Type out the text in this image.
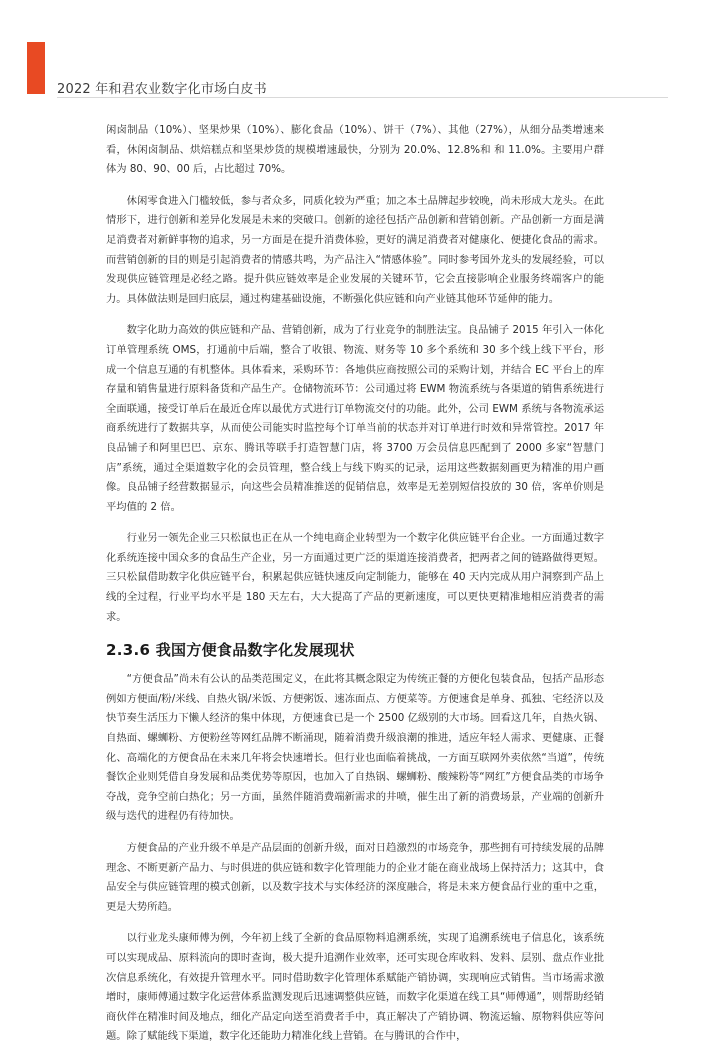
2022 年和君农业数字化市场白皮书

闲卤制品（10%）、坚果炒果（10%）、膨化食品（10%）、饼干（7%）、其他（27%），从细分品类增速来看，休闲卤制品、烘焙糕点和坚果炒货的规模增速最快，分别为 20.0%、12.8%和 和 11.0%。主要用户群体为 80、90、00 后，占比超过 70%。

休闲零食进入门槛较低，参与者众多，同质化较为严重；加之本土品牌起步较晚，尚未形成大龙头。在此情形下，进行创新和差异化发展是未来的突破口。创新的途径包括产品创新和营销创新。产品创新一方面是满足消费者对新鲜事物的追求，另一方面是在提升消费体验，更好的满足消费者对健康化、便捷化食品的需求。而营销创新的目的则是引起消费者的情感共鸣，为产品注入“情感体验”。同时参考国外龙头的发展经验，可以发现供应链管理是必经之路。提升供应链效率是企业发展的关键环节，它会直接影响企业服务终端客户的能力。具体做法则是回归底层，通过构建基础设施，不断强化供应链和向产业链其他环节延伸的能力。

数字化助力高效的供应链和产品、营销创新，成为了行业竞争的制胜法宝。良品铺子 2015 年引入一体化订单管理系统 OMS，打通前中后端，整合了收银、物流、财务等 10 多个系统和 30 多个线上线下平台，形成一个信息互通的有机整体。具体看来，采购环节：各地供应商按照公司的采购计划，并结合 EC 平台上的库存量和销售量进行原料备货和产品生产。仓储物流环节：公司通过将 EWM 物流系统与各渠道的销售系统进行全面联通，接受订单后在最近仓库以最优方式进行订单物流交付的功能。此外，公司 EWM 系统与各物流承运商系统进行了数据共享，从而使公司能实时监控每个订单当前的状态并对订单进行时效和异常管控。2017 年良品铺子和阿里巴巴、京东、腾讯等联手打造智慧门店，将 3700 万会员信息匹配到了 2000 多家“智慧门店”系统，通过全渠道数字化的会员管理，整合线上与线下购买的记录，运用这些数据刻画更为精准的用户画像。良品铺子经营数据显示，向这些会员精准推送的促销信息，效率是无差别短信投放的 30 倍，客单价则是平均值的 2 倍。

行业另一领先企业三只松鼠也正在从一个纯电商企业转型为一个数字化供应链平台企业。一方面通过数字化系统连接中国众多的食品生产企业，另一方面通过更广泛的渠道连接消费者，把两者之间的链路做得更短。三只松鼠借助数字化供应链平台，积累起供应链快速反向定制能力，能够在 40 天内完成从用户洞察到产品上线的全过程，行业平均水平是 180 天左右，大大提高了产品的更新速度，可以更快更精准地相应消费者的需求。

2.3.6 我国方便食品数字化发展现状

“方便食品”尚未有公认的品类范围定义，在此将其概念限定为传统正餐的方便化包装食品，包括产品形态例如方便面/粉/米线、自热火锅/米饭、方便粥饭、速冻面点、方便菜等。方便速食是单身、孤独、宅经济以及快节奏生活压力下懒人经济的集中体现，方便速食已是一个 2500 亿级别的大市场。回看这几年，自热火锅、自热面、螺蛳粉、方便粉丝等网红品牌不断涌现，随着消费升级浪潮的推进，适应年轻人需求、更健康、正餐化、高端化的方便食品在未来几年将会快速增长。但行业也面临着挑战，一方面互联网外卖依然“当道”，传统餐饮企业则凭借自身发展和品类优势等原因，也加入了自热锅、螺蛳粉、酸辣粉等“网红”方便食品类的市场争夺战，竞争空前白热化；另一方面，虽然伴随消费端新需求的井喷，催生出了新的消费场景，产业端的创新升级与迭代的进程仍有待加快。

方便食品的产业升级不单是产品层面的创新升级，面对日趋激烈的市场竞争，那些拥有可持续发展的品牌理念、不断更新产品力、与时俱进的供应链和数字化管理能力的企业才能在商业战场上保持活力；这其中，食品安全与供应链管理的模式创新，以及数字技术与实体经济的深度融合，将是未来方便食品行业的重中之重，更是大势所趋。

以行业龙头康师傅为例，今年初上线了全新的食品原物料追溯系统，实现了追溯系统电子信息化，该系统可以实现成品、原料流向的即时查询，极大提升追溯作业效率，还可实现仓库收料、发料、层别、盘点作业批次信息系统化，有效提升管理水平。同时借助数字化管理体系赋能产销协调，实现响应式销售。当市场需求激增时，康师傅通过数字化运营体系监测发现后迅速调整供应链，而数字化渠道在线工具“师傅通”，则帮助经销商伙伴在精准时间及地点，细化产品定向送至消费者手中，真正解决了产销协调、物流运输、原物料供应等问题。除了赋能线下渠道，数字化还能助力精准化线上营销。在与腾讯的合作中，
